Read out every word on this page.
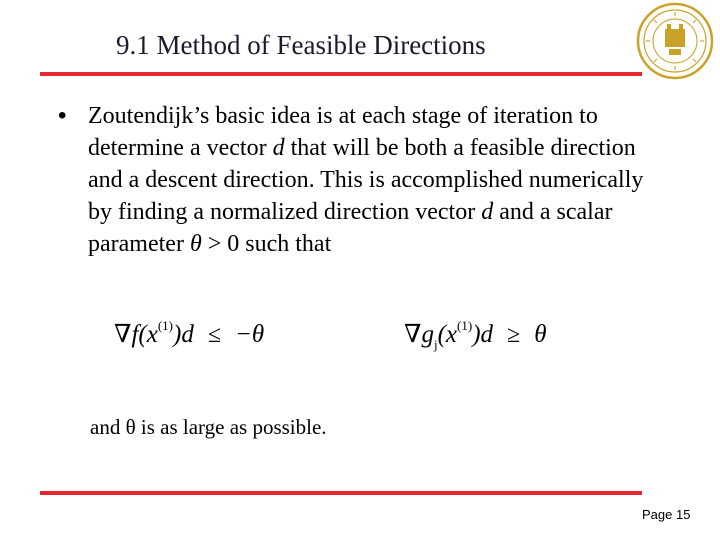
9.1 Method of Feasible Directions
• Zoutendijk’s basic idea is at each stage of iteration to determine a vector d that will be both a feasible direction and a descent direction. This is accomplished numerically by finding a normalized direction vector d and a scalar parameter θ > 0 such that
$\nabla f(x^{(1)})d \le -\theta$	$\nabla g_j(x^{(1)})d \ge \theta$
and θ is as large as possible.
Page 15
